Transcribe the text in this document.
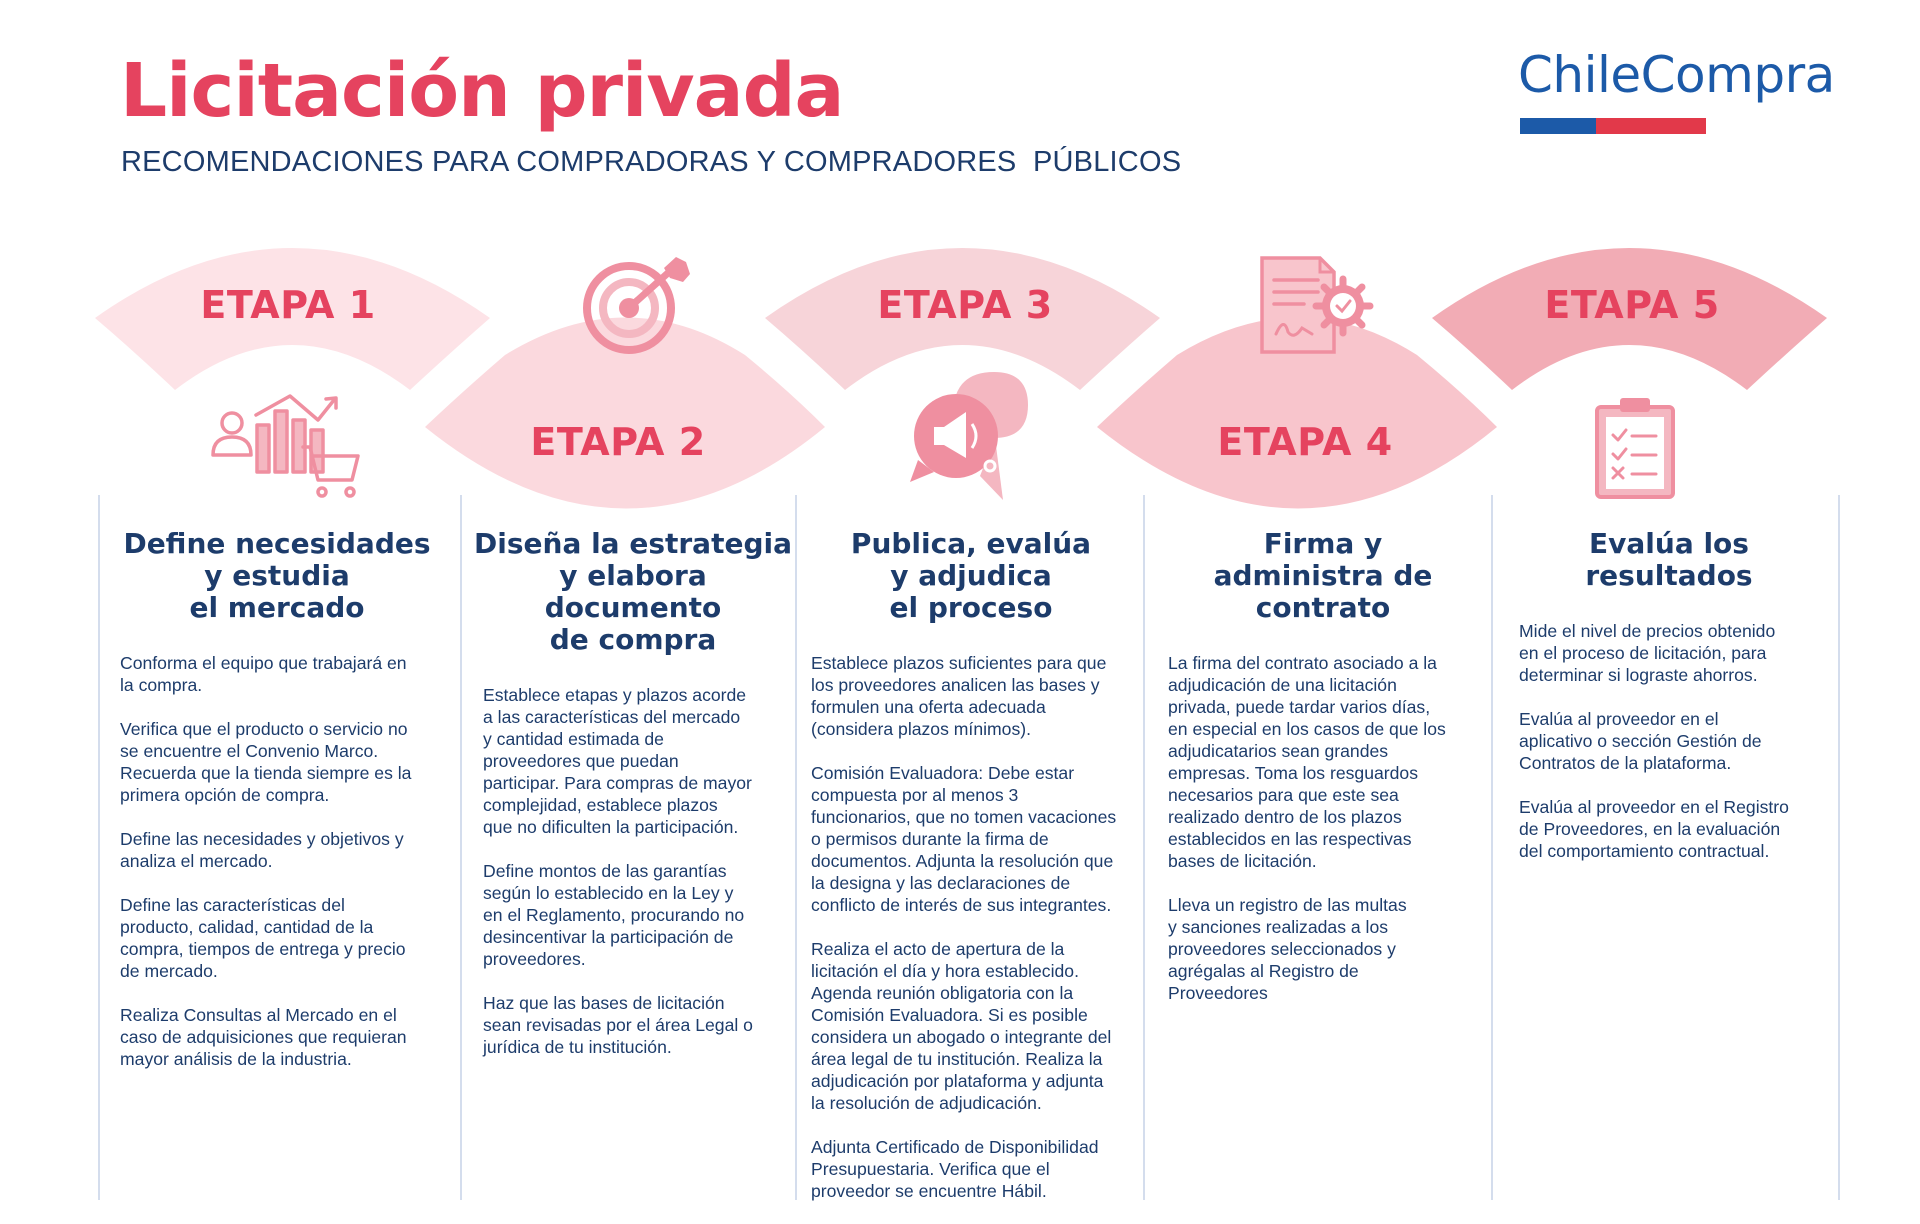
Licitación privada

RECOMENDACIONES PARA COMPRADORAS Y COMPRADORES  PÚBLICOS

ChileCompra
ETAPA 1
ETAPA 2
ETAPA 3
ETAPA 4
ETAPA 5
Define necesidades
y estudia
el mercado

Conforma el equipo que trabajará en
la compra.

Verifica que el producto o servicio no
se encuentre el Convenio Marco.
Recuerda que la tienda siempre es la
primera opción de compra.

Define las necesidades y objetivos y
analiza el mercado.

Define las características del
producto, calidad, cantidad de la
compra, tiempos de entrega y precio
de mercado.

Realiza Consultas al Mercado en el
caso de adquisiciones que requieran
mayor análisis de la industria.

Diseña la estrategia
y elabora documento
de compra

Establece etapas y plazos acorde
a las características del mercado
y cantidad estimada de
proveedores que puedan
participar. Para compras de mayor
complejidad, establece plazos
que no dificulten la participación.

Define montos de las garantías
según lo establecido en la Ley y
en el Reglamento, procurando no
desincentivar la participación de
proveedores.

Haz que las bases de licitación
sean revisadas por el área Legal o
jurídica de tu institución.

Publica, evalúa
y adjudica
el proceso

Establece plazos suficientes para que
los proveedores analicen las bases y
formulen una oferta adecuada
(considera plazos mínimos).

Comisión Evaluadora: Debe estar
compuesta por al menos 3
funcionarios, que no tomen vacaciones
o permisos durante la firma de
documentos. Adjunta la resolución que
la designa y las declaraciones de
conflicto de interés de sus integrantes.

Realiza el acto de apertura de la
licitación el día y hora establecido.
Agenda reunión obligatoria con la
Comisión Evaluadora. Si es posible
considera un abogado o integrante del
área legal de tu institución. Realiza la
adjudicación por plataforma y adjunta
la resolución de adjudicación.

Adjunta Certificado de Disponibilidad
Presupuestaria. Verifica que el
proveedor se encuentre Hábil.

Firma y
administra de
contrato

La firma del contrato asociado a la
adjudicación de una licitación
privada, puede tardar varios días,
en especial en los casos de que los
adjudicatarios sean grandes
empresas. Toma los resguardos
necesarios para que este sea
realizado dentro de los plazos
establecidos en las respectivas
bases de licitación.

Lleva un registro de las multas
y sanciones realizadas a los
proveedores seleccionados y
agrégalas al Registro de
Proveedores

Evalúa los
resultados

Mide el nivel de precios obtenido
en el proceso de licitación, para
determinar si lograste ahorros.

Evalúa al proveedor en el
aplicativo o sección Gestión de
Contratos de la plataforma.

Evalúa al proveedor en el Registro
de Proveedores, en la evaluación
del comportamiento contractual.
